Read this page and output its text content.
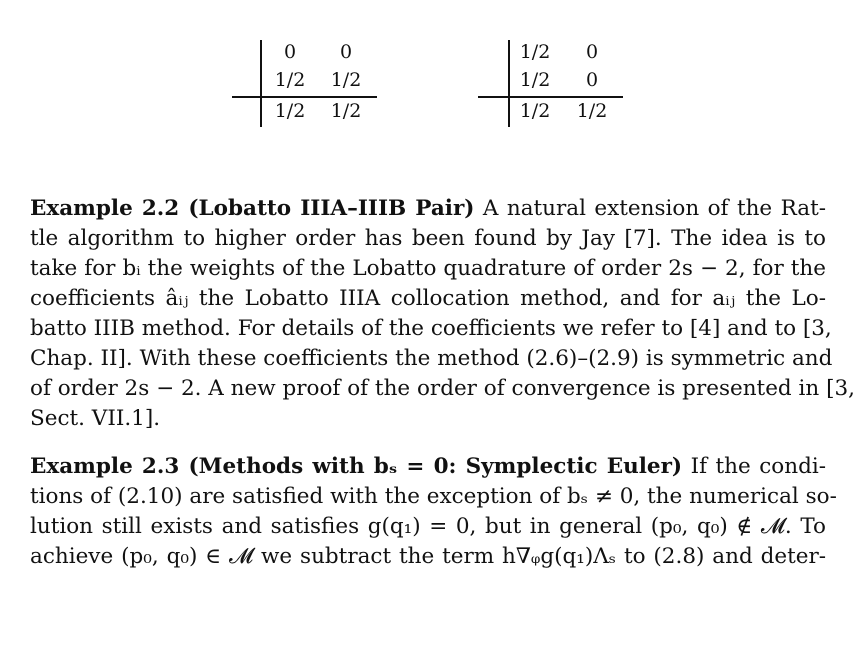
0	0
1/2	1/2
1/2	1/2
1/2	0
1/2	0
1/2	1/2
Example 2.2 (Lobatto IIIA–IIIB Pair) A natural extension of the Rat-
tle algorithm to higher order has been found by Jay [7]. The idea is to
take for bᵢ the weights of the Lobatto quadrature of order 2s − 2, for the
coefficients âᵢⱼ the Lobatto IIIA collocation method, and for aᵢⱼ the Lo-
batto IIIB method. For details of the coefficients we refer to [4] and to [3,
Chap. II]. With these coefficients the method (2.6)–(2.9) is symmetric and
of order 2s − 2. A new proof of the order of convergence is presented in [3,
Sect. VII.1].
Example 2.3 (Methods with bₛ = 0: Symplectic Euler) If the condi-
tions of (2.10) are satisfied with the exception of bₛ ≠ 0, the numerical so-
lution still exists and satisfies g(q₁) = 0, but in general (p₀, q₀) ∉ 𝓜. To
achieve (p₀, q₀) ∈ 𝓜 we subtract the term h∇ᵩg(q₁)Λₛ to (2.8) and deter-
